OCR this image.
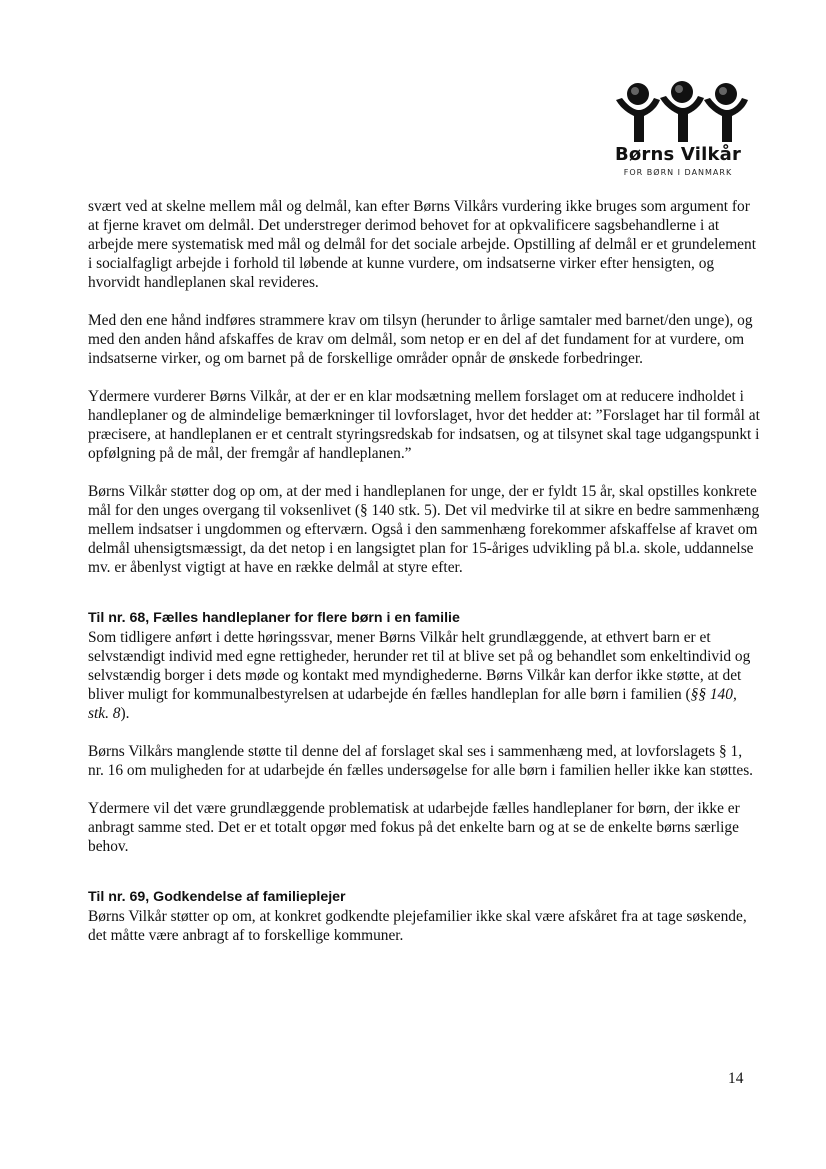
Børns Vilkår
FOR BØRN I DANMARK

svært ved at skelne mellem mål og delmål, kan efter Børns Vilkårs vurdering ikke bruges som argument for at fjerne kravet om delmål. Det understreger derimod behovet for at opkvalificere sagsbehandlerne i at arbejde mere systematisk med mål og delmål for det sociale arbejde. Opstilling af delmål er et grundelement i socialfagligt arbejde i forhold til løbende at kunne vurdere, om indsatserne virker efter hensigten, og hvorvidt handleplanen skal revideres.

Med den ene hånd indføres strammere krav om tilsyn (herunder to årlige samtaler med barnet/den unge), og med den anden hånd afskaffes de krav om delmål, som netop er en del af det fundament for at vurdere, om indsatserne virker, og om barnet på de forskellige områder opnår de ønskede forbedringer.

Ydermere vurderer Børns Vilkår, at der er en klar modsætning mellem forslaget om at reducere indholdet i handleplaner og de almindelige bemærkninger til lovforslaget, hvor det hedder at: ”Forslaget har til formål at præcisere, at handleplanen er et centralt styringsredskab for indsatsen, og at tilsynet skal tage udgangspunkt i opfølgning på de mål, der fremgår af handleplanen.”

Børns Vilkår støtter dog op om, at der med i handleplanen for unge, der er fyldt 15 år, skal opstilles konkrete mål for den unges overgang til voksenlivet (§ 140 stk. 5). Det vil medvirke til at sikre en bedre sammenhæng mellem indsatser i ungdommen og efterværn. Også i den sammenhæng forekommer afskaffelse af kravet om delmål uhensigtsmæssigt, da det netop i en langsigtet plan for 15-åriges udvikling på bl.a. skole, uddannelse mv. er åbenlyst vigtigt at have en række delmål at styre efter.

Til nr. 68, Fælles handleplaner for flere børn i en familie

Som tidligere anført i dette høringssvar, mener Børns Vilkår helt grundlæggende, at ethvert barn er et selvstændigt individ med egne rettigheder, herunder ret til at blive set på og behandlet som enkeltindivid og selvstændig borger i dets møde og kontakt med myndighederne. Børns Vilkår kan derfor ikke støtte, at det bliver muligt for kommunalbestyrelsen at udarbejde én fælles handleplan for alle børn i familien (§§ 140, stk. 8).

Børns Vilkårs manglende støtte til denne del af forslaget skal ses i sammenhæng med, at lovforslagets § 1, nr. 16 om muligheden for at udarbejde én fælles undersøgelse for alle børn i familien heller ikke kan støttes.

Ydermere vil det være grundlæggende problematisk at udarbejde fælles handleplaner for børn, der ikke er anbragt samme sted. Det er et totalt opgør med fokus på det enkelte barn og at se de enkelte børns særlige behov.

Til nr. 69, Godkendelse af familieplejer

Børns Vilkår støtter op om, at konkret godkendte plejefamilier ikke skal være afskåret fra at tage søskende, det måtte være anbragt af to forskellige kommuner.

14
